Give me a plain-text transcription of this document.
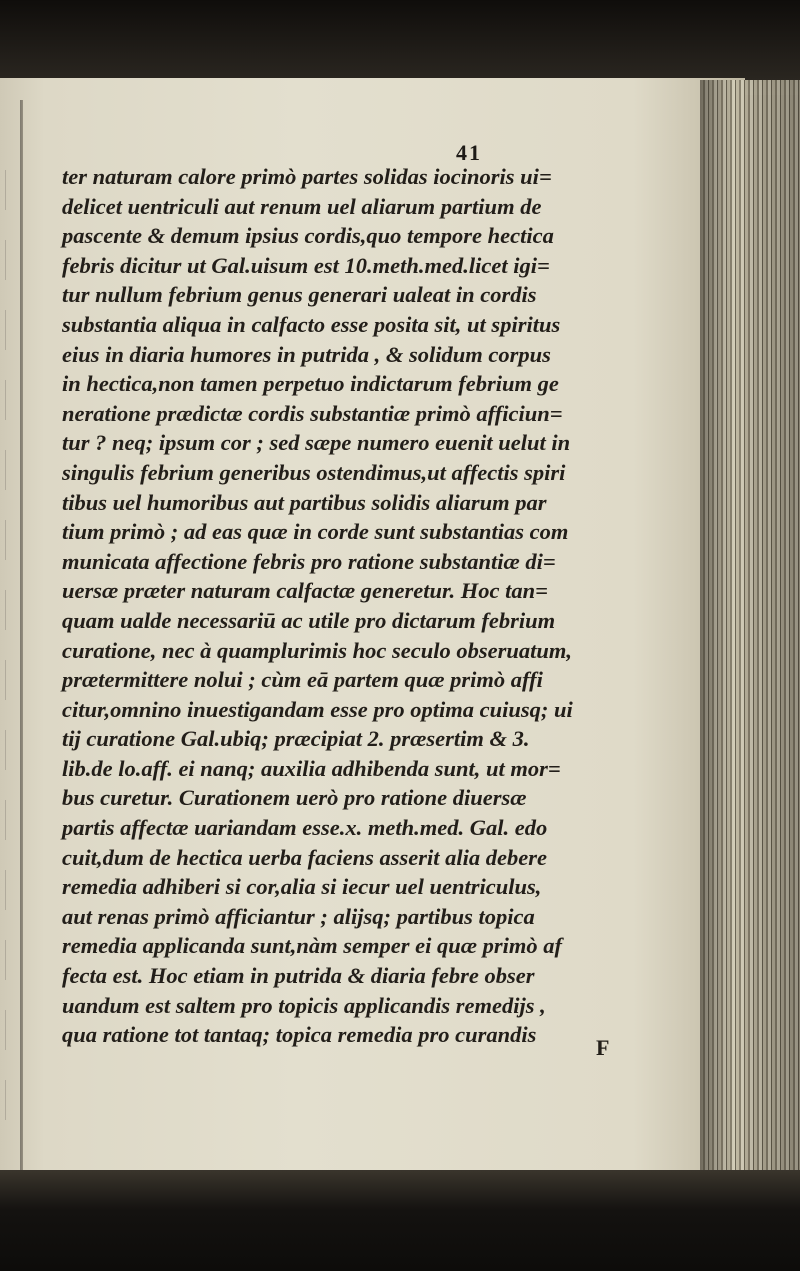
41
ter naturam calore primò partes solidas iocinoris ui=
delicet uentriculi aut renum uel aliarum partium de
pascente & demum ipsius cordis,quo tempore hectica
febris dicitur ut Gal.uisum est 10.meth.med.licet igi=
tur nullum febrium genus generari ualeat in cordis
substantia aliqua in calfacto esse posita sit, ut spiritus
eius in diaria humores in putrida , & solidum corpus
in hectica,non tamen perpetuo indictarum febrium ge
neratione prædictæ cordis substantiæ primò afficiun=
tur ? neq; ipsum cor ; sed sæpe numero euenit uelut in
singulis febrium generibus ostendimus,ut affectis spiri
tibus uel humoribus aut partibus solidis aliarum par
tium primò ; ad eas quæ in corde sunt substantias com
municata affectione febris pro ratione substantiæ di=
uersæ præter naturam calfactæ generetur. Hoc tan=
quam ualde necessariū ac utile pro dictarum febrium
curatione, nec à quamplurimis hoc seculo obseruatum,
prætermittere nolui ; cùm eā partem quæ primò affi
citur,omnino inuestigandam esse pro optima cuiusq; ui
tij curatione Gal.ubiq; præcipiat 2. præsertim & 3.
lib.de lo.aff. ei nanq; auxilia adhibenda sunt, ut mor=
bus curetur. Curationem uerò pro ratione diuersæ
partis affectæ uariandam esse.x. meth.med. Gal. edo
cuit,dum de hectica uerba faciens asserit alia debere
remedia adhiberi si cor,alia si iecur uel uentriculus,
aut renas primò afficiantur ; alijsq; partibus topica
remedia applicanda sunt,nàm semper ei quæ primò af
fecta est. Hoc etiam in putrida & diaria febre obser
uandum est saltem pro topicis applicandis remedijs ,
qua ratione tot tantaq; topica remedia pro curandis
F
